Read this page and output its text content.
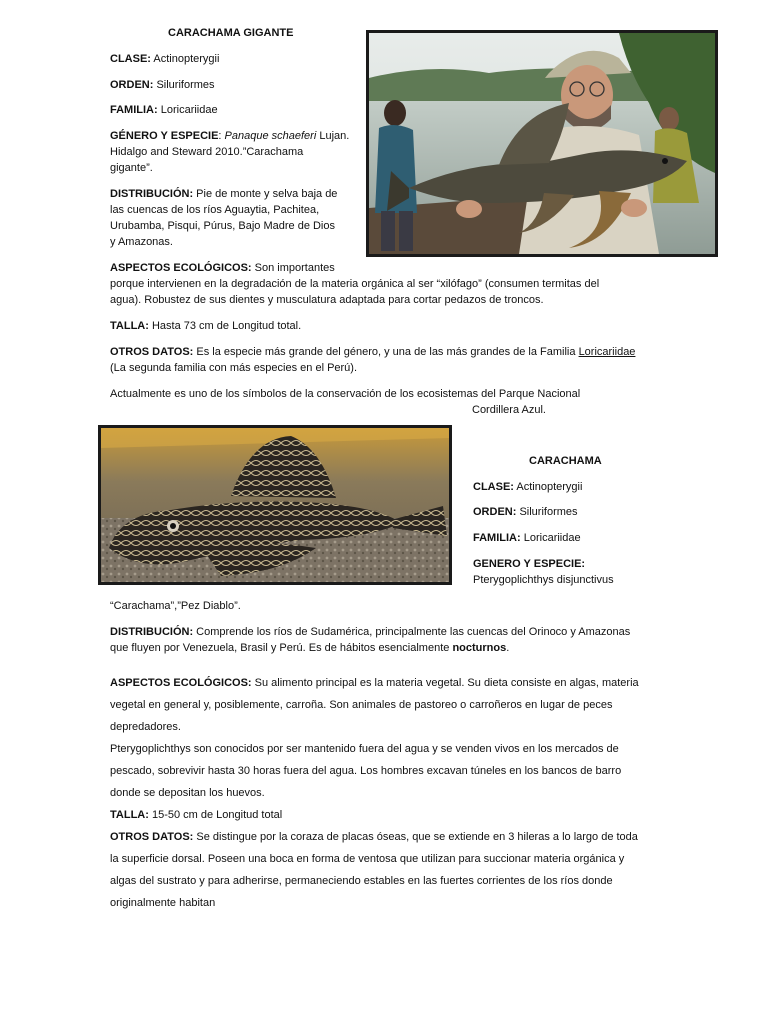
CARACHAMA GIGANTE

CLASE: Actinopterygii

ORDEN: Siluriformes

FAMILIA: Loricariidae

GÉNERO Y ESPECIE: Panaque schaeferi Lujan.

Hidalgo and Steward 2010.”Carachama

gigante”.

DISTRIBUCIÓN: Pie de monte y selva baja de

las cuencas de los ríos Aguaytia, Pachitea,

Urubamba, Pisqui, Púrus, Bajo Madre de Dios

y Amazonas.

ASPECTOS ECOLÓGICOS: Son importantes

porque intervienen en la degradación de la materia orgánica al ser “xilófago” (consumen termitas del

agua). Robustez de sus dientes y musculatura adaptada para cortar pedazos de troncos.

TALLA: Hasta 73 cm de Longitud total.

OTROS DATOS: Es la especie más grande del género, y una de las más grandes de la Familia Loricariidae

(La segunda familia con más especies en el Perú).

Actualmente es uno de los símbolos de la conservación de los ecosistemas del Parque Nacional

Cordillera Azul.

CARACHAMA

CLASE: Actinopterygii

ORDEN: Siluriformes

FAMILIA: Loricariidae

GENERO Y ESPECIE:

Pterygoplichthys disjunctivus

“Carachama”,”Pez Diablo”.

DISTRIBUCIÓN: Comprende los ríos de Sudamérica, principalmente las cuencas del Orinoco y Amazonas

que fluyen por Venezuela, Brasil y Perú. Es de hábitos esencialmente nocturnos.

ASPECTOS ECOLÓGICOS: Su alimento principal es la materia vegetal. Su dieta consiste en algas, materia

vegetal en general y, posiblemente, carroña. Son animales de pastoreo o carroñeros en lugar de peces

depredadores.

Pterygoplichthys son conocidos por ser mantenido fuera del agua y se venden vivos en los mercados de

pescado, sobrevivir hasta 30 horas fuera del agua. Los hombres excavan túneles en los bancos de barro

donde se depositan los huevos.

TALLA: 15-50 cm de Longitud total

OTROS DATOS: Se distingue por la coraza de placas óseas, que se extiende en 3 hileras a lo largo de toda

la superficie dorsal. Poseen una boca en forma de ventosa que utilizan para succionar materia orgánica y

algas del sustrato y para adherirse, permaneciendo estables en las fuertes corrientes de los ríos donde

originalmente habitan
